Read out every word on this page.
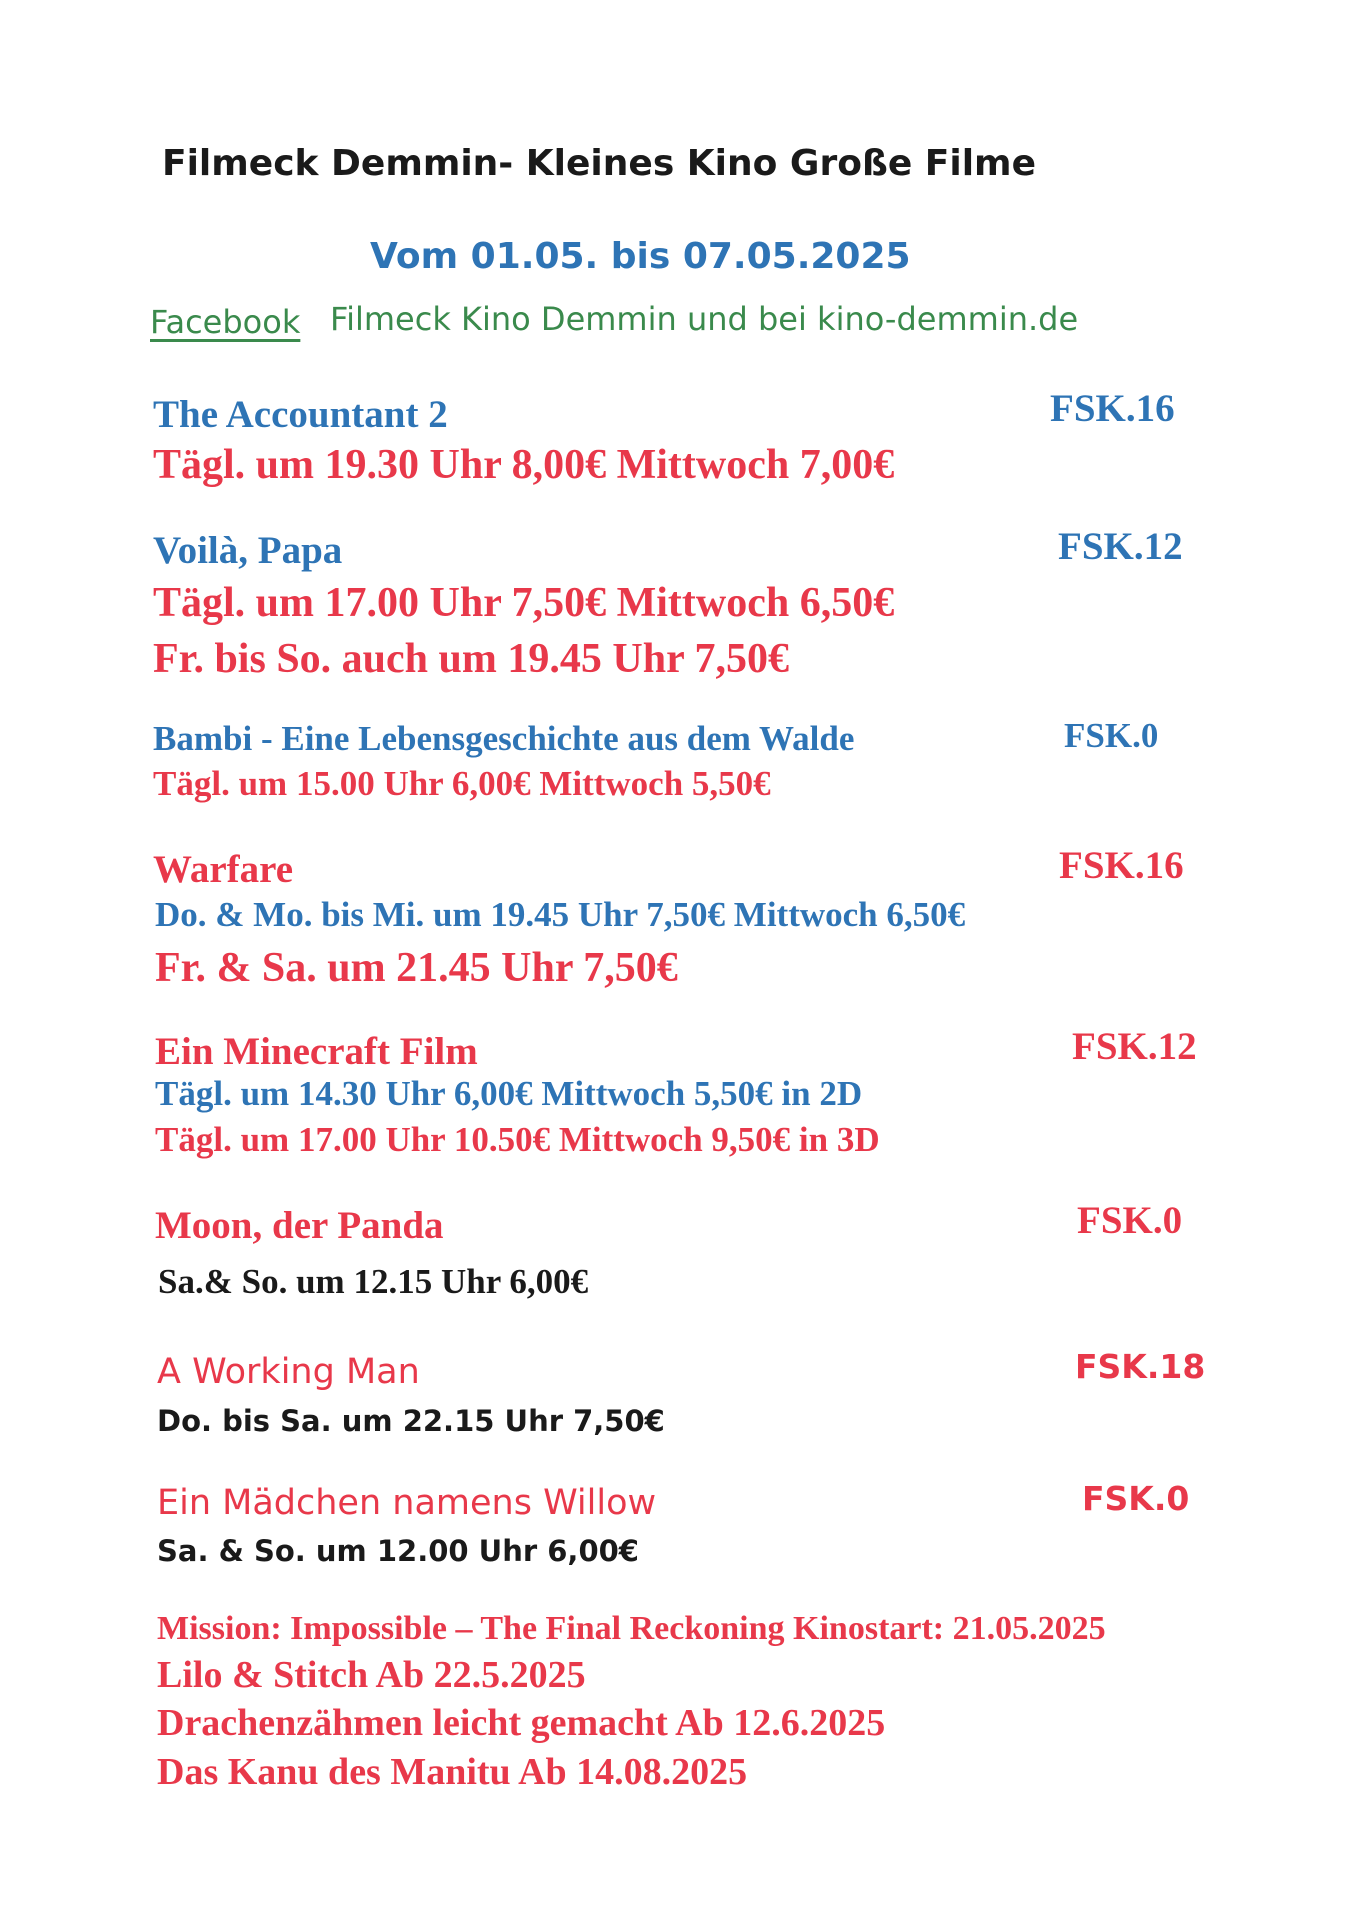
Filmeck Demmin- Kleines Kino Große Filme
Vom 01.05. bis 07.05.2025
Facebook Filmeck Kino Demmin und bei kino-demmin.de
The Accountant 2	FSK.16
Tägl. um 19.30 Uhr 8,00€ Mittwoch 7,00€
Voilà, Papa	FSK.12
Tägl. um 17.00 Uhr 7,50€ Mittwoch 6,50€
Fr. bis So. auch um 19.45 Uhr 7,50€
Bambi - Eine Lebensgeschichte aus dem Walde	FSK.0
Tägl. um 15.00 Uhr 6,00€ Mittwoch 5,50€
Warfare	FSK.16
Do. & Mo. bis Mi. um 19.45 Uhr 7,50€ Mittwoch 6,50€
Fr. & Sa. um 21.45 Uhr 7,50€
Ein Minecraft Film	FSK.12
Tägl. um 14.30 Uhr 6,00€ Mittwoch 5,50€ in 2D
Tägl. um 17.00 Uhr 10.50€ Mittwoch 9,50€ in 3D
Moon, der Panda	FSK.0
Sa.& So. um 12.15 Uhr 6,00€
A Working Man	FSK.18
Do. bis Sa. um 22.15 Uhr 7,50€
Ein Mädchen namens Willow	FSK.0
Sa. & So. um 12.00 Uhr 6,00€
Mission: Impossible – The Final Reckoning Kinostart: 21.05.2025
Lilo & Stitch Ab 22.5.2025
Drachenzähmen leicht gemacht Ab 12.6.2025
Das Kanu des Manitu Ab 14.08.2025
